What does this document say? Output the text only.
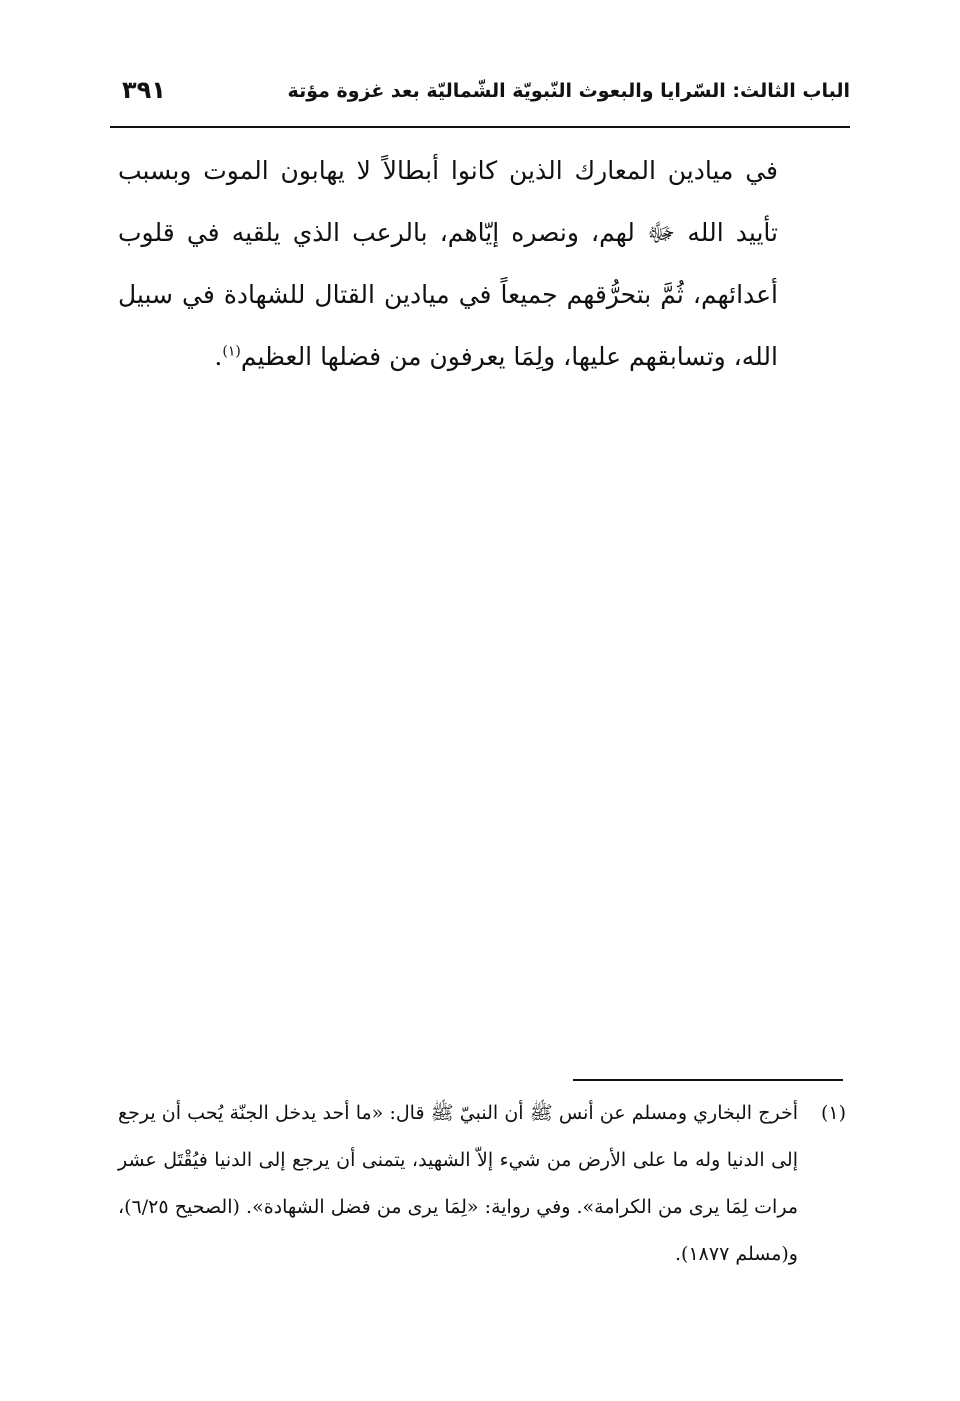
الباب الثالث: السّرايا والبعوث النّبويّة الشّماليّة بعد غزوة مؤتة
٣٩١

في ميادين المعارك الذين كانوا أبطالاً لا يهابون الموت وبسبب تأييد الله ﷻ لهم، ونصره إيّاهم، بالرعب الذي يلقيه في قلوب أعدائهم، ثُمَّ بتحرُّقهم جميعاً في ميادين القتال للشهادة في سبيل الله، وتسابقهم عليها، ولِمَا يعرفون من فضلها العظيم$^{(١)}$.

(١)
أخرج البخاري ومسلم عن أنس ﷺ أن النبيّ ﷺ قال: «ما أحد يدخل الجنّة يُحب أن يرجع إلى الدنيا وله ما على الأرض من شيء إلاّ الشهيد، يتمنى أن يرجع إلى الدنيا فيُقْتَل عشر مرات لِمَا يرى من الكرامة». وفي رواية: «لِمَا يرى من فضل الشهادة». (الصحيح ٦/٢٥)، و(مسلم ١٨٧٧).
